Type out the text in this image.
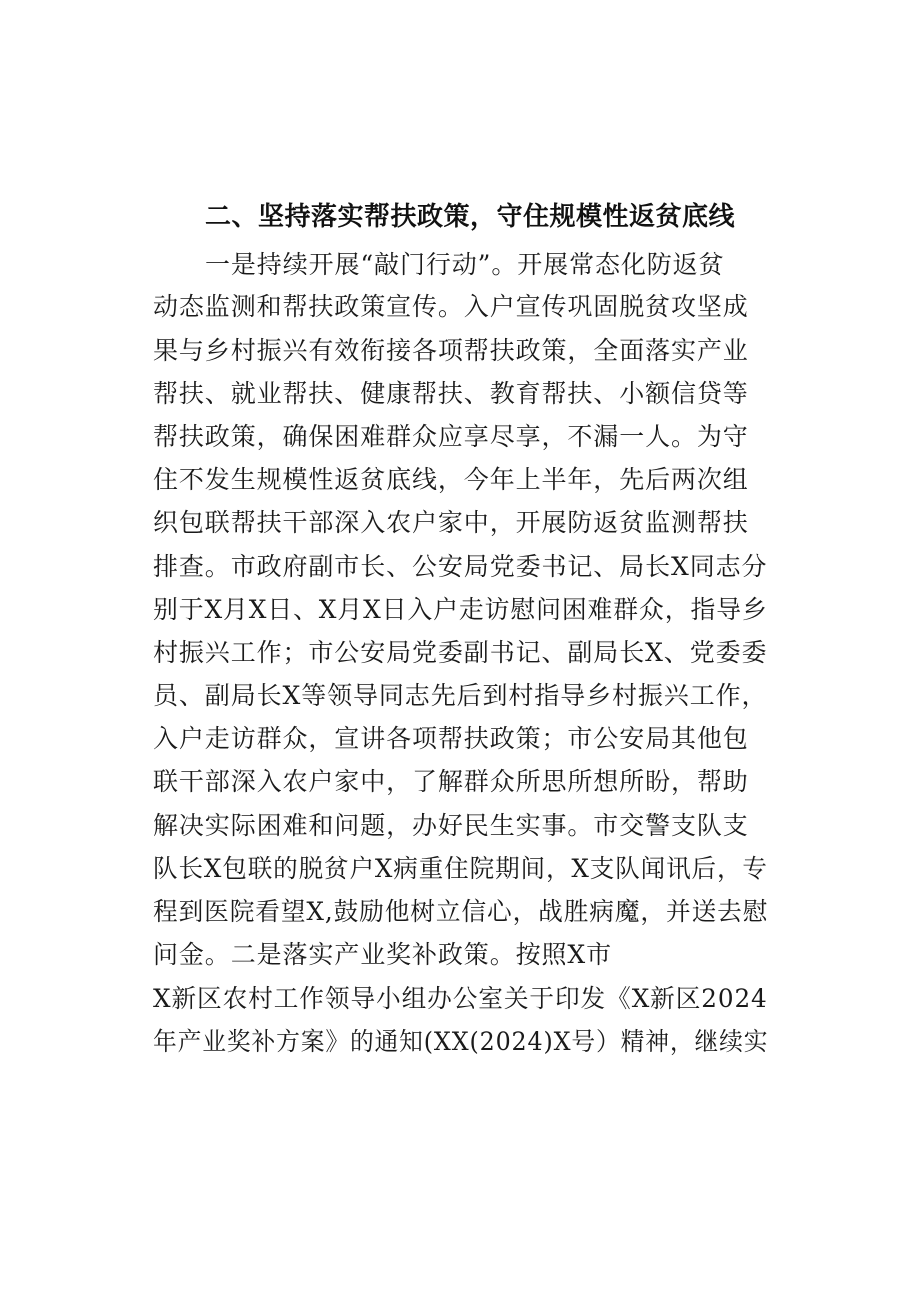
二、坚持落实帮扶政策，守住规模性返贫底线

一是持续开展“敲门行动”。开展常态化防返贫

动态监测和帮扶政策宣传。入户宣传巩固脱贫攻坚成

果与乡村振兴有效衔接各项帮扶政策，全面落实产业

帮扶、就业帮扶、健康帮扶、教育帮扶、小额信贷等

帮扶政策，确保困难群众应享尽享，不漏一人。为守

住不发生规模性返贫底线，今年上半年，先后两次组

织包联帮扶干部深入农户家中，开展防返贫监测帮扶

排查。市政府副市长、公安局党委书记、局长X同志分

别于X月X日、X月X日入户走访慰问困难群众，指导乡

村振兴工作；市公安局党委副书记、副局长X、党委委

员、副局长X等领导同志先后到村指导乡村振兴工作，

入户走访群众，宣讲各项帮扶政策；市公安局其他包

联干部深入农户家中，了解群众所思所想所盼，帮助

解决实际困难和问题，办好民生实事。市交警支队支

队长X包联的脱贫户X病重住院期间，X支队闻讯后，专

程到医院看望X,鼓励他树立信心，战胜病魔，并送去慰

问金。二是落实产业奖补政策。按照X市

X新区农村工作领导小组办公室关于印发《X新区2024

年产业奖补方案》的通知(XX(2024)X号）精神，继续实
